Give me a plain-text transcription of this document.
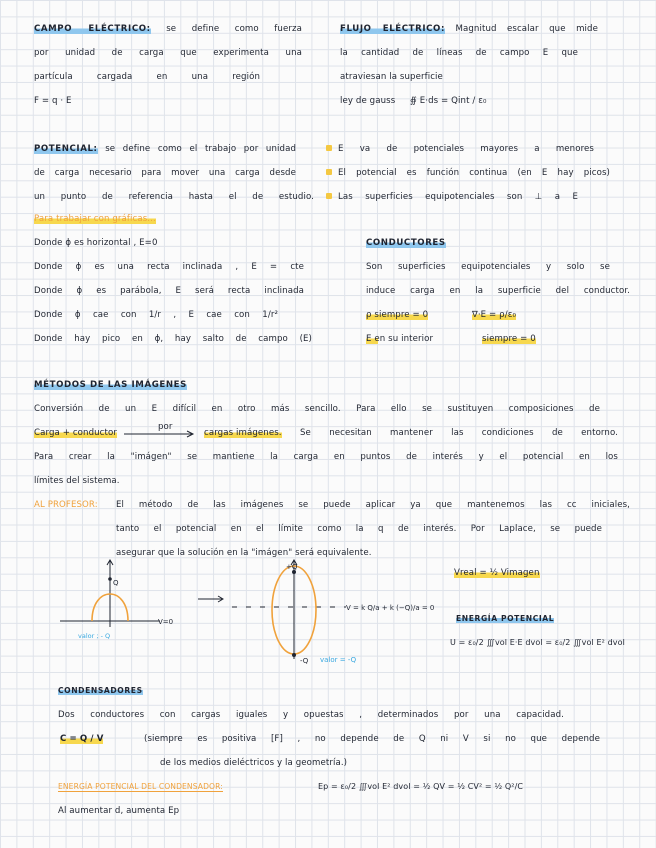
CAMPO ELÉCTRICO: se define como fuerza
por unidad de carga que experimenta una
partícula cargada en una región
F = q · E
FLUJO ELÉCTRICO: Magnitud escalar que mide
la cantidad de líneas de campo E que
atraviesan la superficie
ley de gauss ∯ E·ds = Qint / ε₀
POTENCIAL: se define como el trabajo por unidad
de carga necesario para mover una carga desde
un punto de referencia hasta el de estudio.
Para trabajar con gráficas...
Donde ϕ es horizontal , E=0
Donde ϕ es una recta inclinada , E = cte
Donde ϕ es parábola, E será recta inclinada
Donde ϕ cae con 1/r , E cae con 1/r²
Donde hay pico en ϕ, hay salto de campo (E)
E va de potenciales mayores a menores
El potencial es función continua (en E hay picos)
Las superficies equipotenciales son ⊥ a E
CONDUCTORES
Son superficies equipotenciales y solo se
induce carga en la superficie del conductor.
ρ siempre = 0	∇·E = ρ/ε₀
E en su interior	siempre = 0
MÉTODOS DE LAS IMÁGENES
Conversión de un E difícil en otro más sencillo. Para ello se sustituyen composiciones de
Carga + conductor
por
cargas imágenes. Se necesitan mantener las condiciones de entorno.
Para crear la "imágen" se mantiene la carga en puntos de interés y el potencial en los
límites del sistema.
AL PROFESOR: El método de las imágenes se puede aplicar ya que mantenemos las cc iniciales,
tanto el potencial en el límite como la q de interés. Por Laplace, se puede
asegurar que la solución en la "imágen" será equivalente.
Q
valor ; - Q
V=0
+Q
-Q valor = -Q
V = k Q/a + k (−Q)/a = 0
Vreal = ½ Vimagen
ENERGÍA POTENCIAL
U = ε₀/2 ∭vol E·E dvol = ε₀/2 ∭vol E² dvol
CONDENSADORES
Dos conductores con cargas iguales y opuestas , determinados por una capacidad.
C = Q / V	(siempre es positiva [F] , no depende de Q ni V si no que depende
de los medios dieléctricos y la geometría.)
ENERGÍA POTENCIAL DEL CONDENSADOR:	Ep = ε₀/2 ∭vol E² dvol = ½ QV = ½ CV² = ½ Q²/C
Al aumentar d, aumenta Ep
